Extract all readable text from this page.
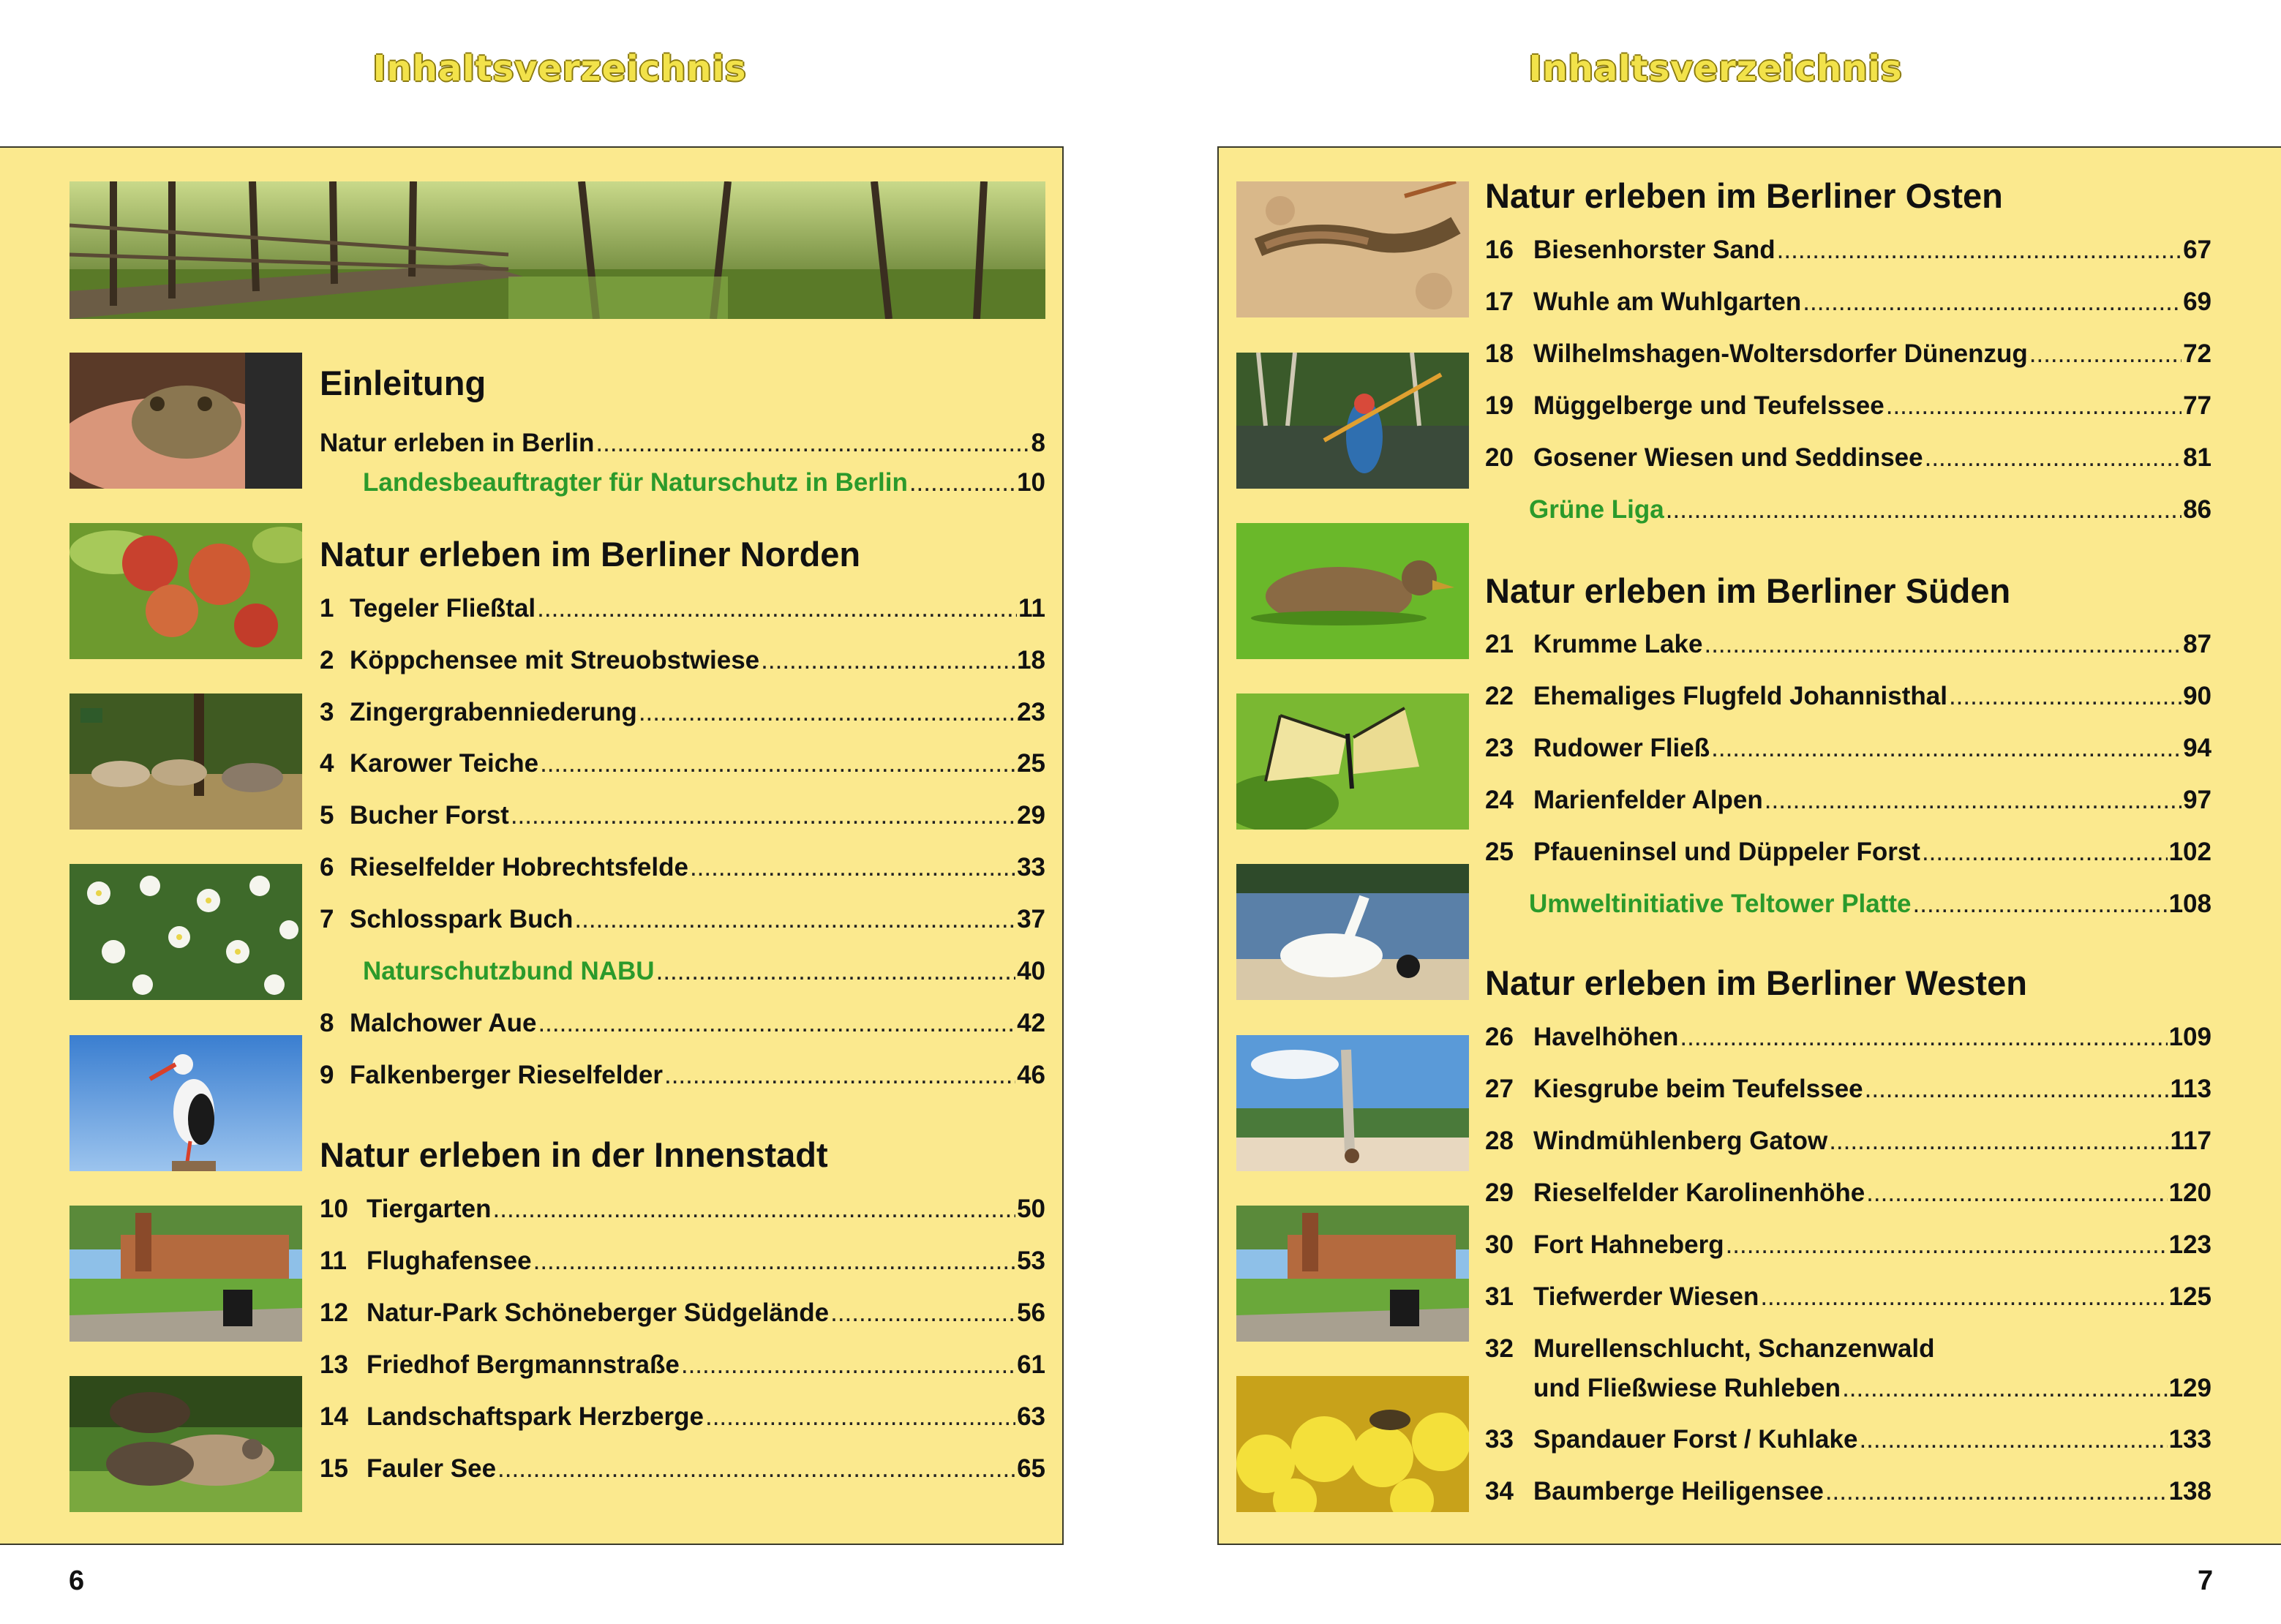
Inhaltsverzeichnis
6
Einleitung
Natur erleben in Berlin .....	8
Landesbeauftragter für Naturschutz in Berlin .....	10
Natur erleben im Berliner Norden
1 Tegeler Fließtal .....	11
2 Köppchensee mit Streuobstwiese .....	18
3 Zingergrabenniederung .....	23
4 Karower Teiche .....	25
5 Bucher Forst .....	29
6 Rieselfelder Hobrechtsfelde .....	33
7 Schlosspark Buch .....	37
Naturschutzbund NABU .....	40
8 Malchower Aue .....	42
9 Falkenberger Rieselfelder .....	46
Natur erleben in der Innenstadt
10 Tiergarten .....	50
11 Flughafensee .....	53
12 Natur-Park Schöneberger Südgelände .....	56
13 Friedhof Bergmannstraße .....	61
14 Landschaftspark Herzberge .....	63
15 Fauler See .....	65
Inhaltsverzeichnis
7
Natur erleben im Berliner Osten
16 Biesenhorster Sand .....	67
17 Wuhle am Wuhlgarten .....	69
18 Wilhelmshagen-Woltersdorfer Dünenzug .....	72
19 Müggelberge und Teufelssee .....	77
20 Gosener Wiesen und Seddinsee .....	81
Grüne Liga .....	86
Natur erleben im Berliner Süden
21 Krumme Lake .....	87
22 Ehemaliges Flugfeld Johannisthal .....	90
23 Rudower Fließ .....	94
24 Marienfelder Alpen .....	97
25 Pfaueninsel und Düppeler Forst .....	102
Umweltinitiative Teltower Platte .....	108
Natur erleben im Berliner Westen
26 Havelhöhen .....	109
27 Kiesgrube beim Teufelssee .....	113
28 Windmühlenberg Gatow .....	117
29 Rieselfelder Karolinenhöhe .....	120
30 Fort Hahneberg .....	123
31 Tiefwerder Wiesen .....	125
32 Murellenschlucht, Schanzenwald
und Fließwiese Ruhleben .....	129
33 Spandauer Forst / Kuhlake .....	133
34 Baumberge Heiligensee .....	138
